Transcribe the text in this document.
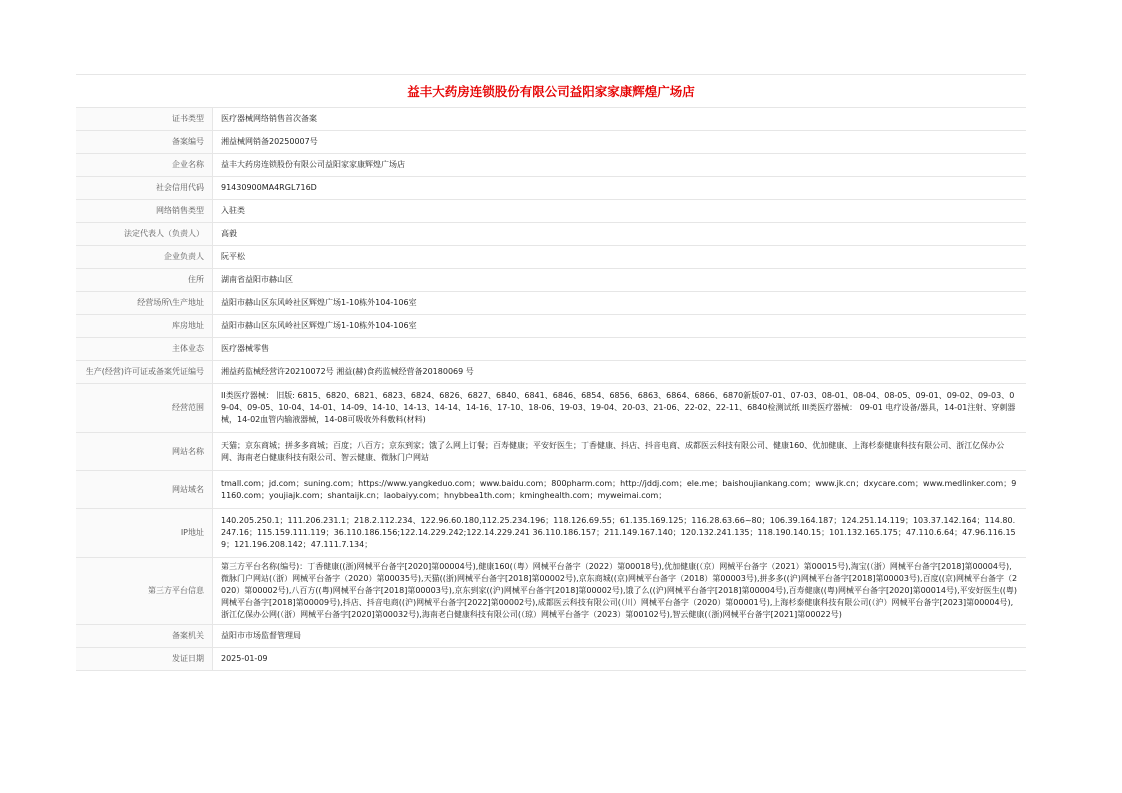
益丰大药房连锁股份有限公司益阳家家康辉煌广场店
证书类型	医疗器械网络销售首次备案
备案编号	湘益械网销备20250007号
企业名称	益丰大药房连锁股份有限公司益阳家家康辉煌广场店
社会信用代码	91430900MA4RGL716D
网络销售类型	入驻类
法定代表人（负责人）	高毅
企业负责人	阮平松
住所	湖南省益阳市赫山区
经营场所\生产地址	益阳市赫山区东风岭社区辉煌广场1-10栋外104-106室
库房地址	益阳市赫山区东风岭社区辉煌广场1-10栋外104-106室
主体业态	医疗器械零售
生产(经营)许可证或备案凭证编号	湘益药监械经营许20210072号 湘益(赫)食药监械经营备20180069 号
经营范围	II类医疗器械： 旧版: 6815、6820、6821、6823、6824、6826、6827、6840、6841、6846、6854、6856、6863、6864、6866、6870新版07-01、07-03、08-01、08-04、08-05、09-01、09-02、09-03、09-04、09-05、10-04、14-01、14-09、14-10、14-13、14-14、14-16、17-10、18-06、19-03、19-04、20-03、21-06、22-02、22-11、6840检测试纸 III类医疗器械： 09-01 电疗设备/器具，14-01注射、穿刺器械，14-02血管内输液器械，14-08可吸收外科敷料(材料)
网站名称	天猫；京东商城；拼多多商城；百度；八百方；京东到家；饿了么网上订餐；百寿健康；平安好医生；丁香健康、抖店、抖音电商、成都医云科技有限公司、健康160、优加健康、上海杉泰健康科技有限公司、浙江亿保办公网、海南老白健康科技有限公司、智云健康、微脉门户网站
网站域名	tmall.com；jd.com；suning.com；https://www.yangkeduo.com；www.baidu.com；800pharm.com；http://jddj.com；ele.me；baishoujiankang.com；www.jk.cn；dxycare.com；www.medlinker.com；91160.com；youjiajk.com；shantaijk.cn；laobaiyy.com；hnybbea1th.com；kminghealth.com；myweimai.com；
IP地址	140.205.250.1；111.206.231.1；218.2.112.234、122.96.60.180,112.25.234.196；118.126.69.55；61.135.169.125；116.28.63.66~80；106.39.164.187；124.251.14.119；103.37.142.164；114.80.247.16；115.159.111.119；36.110.186.156;122.14.229.242;122.14.229.241 36.110.186.157；211.149.167.140；120.132.241.135；118.190.140.15；101.132.165.175；47.110.6.64；47.96.116.159；121.196.208.142；47.111.7.134；
第三方平台信息	第三方平台名称(编号)：丁香健康((浙)网械平台备字[2020]第00004号),健康160(（粤）网械平台备字（2022）第00018号),优加健康(（京）网械平台备字（2021）第00015号),淘宝(（浙）网械平台备字[2018]第00004号),微脉门户网站(（浙）网械平台备字（2020）第00035号),天猫((浙)网械平台备字[2018]第00002号),京东商城((京)网械平台备字（2018）第00003号),拼多多((沪)网械平台备字[2018]第00003号),百度((京)网械平台备字（2020）第00002号),八百方((粤)网械平台备字[2018]第00003号),京东到家((沪)网械平台备字[2018]第00002号),饿了么((沪)网械平台备字[2018]第00004号),百寿健康((粤)网械平台备字[2020]第00014号),平安好医生((粤)网械平台备字[2018]第00009号),抖店、抖音电商((沪)网械平台备字[2022]第00002号),成都医云科技有限公司(（川）网械平台备字（2020）第00001号),上海杉泰健康科技有限公司(（沪）网械平台备字[2023]第00004号),浙江亿保办公网(（浙）网械平台备字[2020]第00032号),海南老白健康科技有限公司(（琼）网械平台备字（2023）第00102号),智云健康(（浙)网械平台备字[2021]第00022号)
备案机关	益阳市市场监督管理局
发证日期	2025-01-09
